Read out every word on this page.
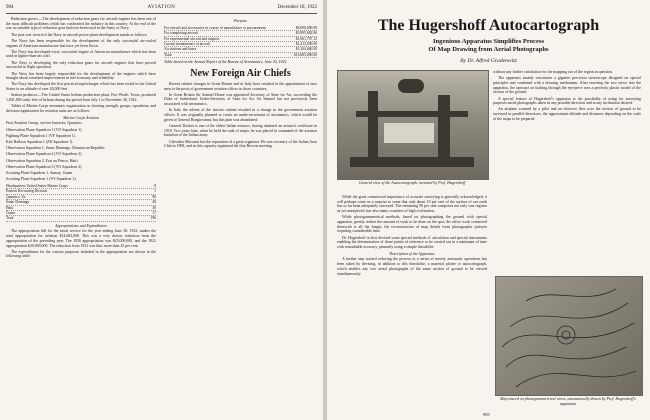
904	AVIATION	December 18, 1922

Reduction grows.—The development of reduction gears for aircraft engines has been one of the most difficult problems which has confronted the industry in this country. At the end of the war no suitable type of reduction gear had ever been used in the Army or Navy.

The post-war record of the Navy in aircraft power-plant development stands as follows:

The Navy has been responsible for the development of the only successful air-cooled engines of American manufacture that have yet been flown.

The Navy has developed every successful engine of American manufacture which has been used in lighter-than-air craft.

The Navy is developing the only reduction gears for aircraft engines that have proved successful in flight operation.

The Navy has been largely responsible for the development of the engines which have brought about a marked improvement in fuel economy and reliability.

The Navy has developed the first practical supercharger which has been tested in the United States to an altitude of over 20,000 feet.

Station producer.—The United States helium production plant, Fort Worth, Texas, produced 1,841,000 cubic feet of helium during the period from July 1 to November 30, 1922.

Tables of Marine Corps aeronautic organization as showing strength, groups, squadrons, and division organization for aviation units are as follows:

Marine Corps Aviation

First Aviation Group, service barracks, Quantico.

Observation Plane Squadron 1 (VO Squadron 1).

Fighting Plane Squadron 1 (VF Squadron 1).

Kite Balloon Squadron 1 (ZK Squadron 1).

Observation Squadron 1, Santo Domingo, Dominican Republic.

Observation Plane Squadron 2 (VO Squadron 2).

Observation Squadron 2, Fort au Prince, Haiti.

Observation Plane Squadron 3 (VO Squadron 3).

Scouting Plane Squadron 1, Sumay, Guam.

Scouting Plane Squadron 1 (VS Squadron 1).

Headquarters United States Marine Corps	8
Eastern Recruiting Division	1
Quantico, Va.	96
Santo Domingo	28
Haiti	30
Guam	17
Total	196
Appropriations and Expenditures

The appropriation bill for the naval service for the year ending June 30, 1923, makes the total appropriation for aviation $14,683,000. This was a very drastic reduction from the appropriation of the preceding year. The 1920 appropriation was $25,000,000, and the 1921 appropriation $20,000,000. The reduction from 1921 was thus more than 25 per cent.

The expenditures for the various purposes included in the appropriation are shown in the following table:

Purpose
For aircraft and accessories in course of manufacture or procurement	$6,000,000.00
For completing aircraft	$3,895,682.86
For experimental aircraft and engines	$1,061,797.12
Current maintenance of aircraft	$1,413,690.00
Air stations and bases	$1,204,660.00
Total	$14,683,000.00

Table based on the Annual Report of the Bureau of Aeronautics, June 30, 1922.

New Foreign Air Chiefs

Recent cabinet changes in Great Britain and in Italy have resulted in the appointment of new men to the posts of government aviation officer in those countries.

In Great Britain Sir Samuel Hoare was appointed Secretary of State for Air, succeeding the Duke of Sutherland, Under-Secretary of State for Air. Sir Samuel has not previously been associated with aeronautics.

In Italy the advent of the fascisti cabinet resulted in a change in the government aviation offices. It was originally planned to create an under-secretariat of aeronautics, which would be given to General Bongiovanni, but this plan was abandoned.

General Douhet is one of the oldest Italian aviators, having obtained an aviator's certificate in 1910. Two years later, when he held the rank of major, he was placed in command of the aviation battalion of the Italian army.

Chevalier Mercanti has the reputation of a great organizer. He was secretary of the Italian Aero Club in 1908, and in this capacity organized the first Brescia meeting.

The Hugershoff Autocartograph
Ingenious Apparatus Simplifies Process
Of Map Drawing from Aerial Photographs
By Dr. Alfred Gradenwitz
General view of the Autocartograph, invented by Prof. Hugershoff

While the great commercial importance of accurate surveying is generally acknowledged, it will perhaps come as a surprise to some that only about 10 per cent of the surface of our earth has so far been adequately surveyed. The remaining 90 per cent comprises not only vast regions as yet unexplored, but also many countries of high civilization.

While photogrammetrical methods, based on photographing the ground with special apparatus, greatly reduce the amount of work to be done on the spot, the office work connected therewith is all the longer, the reconstruction of map details from photographic pictures requiring considerable time.

Dr. Hugershoff at first devised some special methods of calculation and special instruments enabling the determination of those points of reference to be carried out in a minimum of time with remarkable accuracy, primarily using a simple theodolite.

Description of the Apparatus

A further step toward reducing the process to a series of merely automatic operations has been taken by devising, in addition to this theodolite, a material plotter or autocartograph, which enables any two aerial photographs of the same section of ground to be viewed simultaneously.

without any further calculation for the mapping out of the region in question.

The apparatus mainly constitutes a gigantic precision stereoscope designed on special principles and combined with a drawing mechanism. After inserting the two views into the apparatus, the operator on looking through the eye-piece sees a perfectly plastic model of the section of the ground.

A special feature of Hugershoff's apparatus is the possibility of using for surveying purposes aerial photographs taken in any possible direction and at any inclination desired.

An airplane scanned by a pilot and an observer flies over the section of ground to be surveyed in parallel directions, the approximate altitude and distances depending on the scale of the maps to be prepared.

Map traced on photogrammetrical views, automatically drawn by Prof. Hugershoff's apparatus
905
